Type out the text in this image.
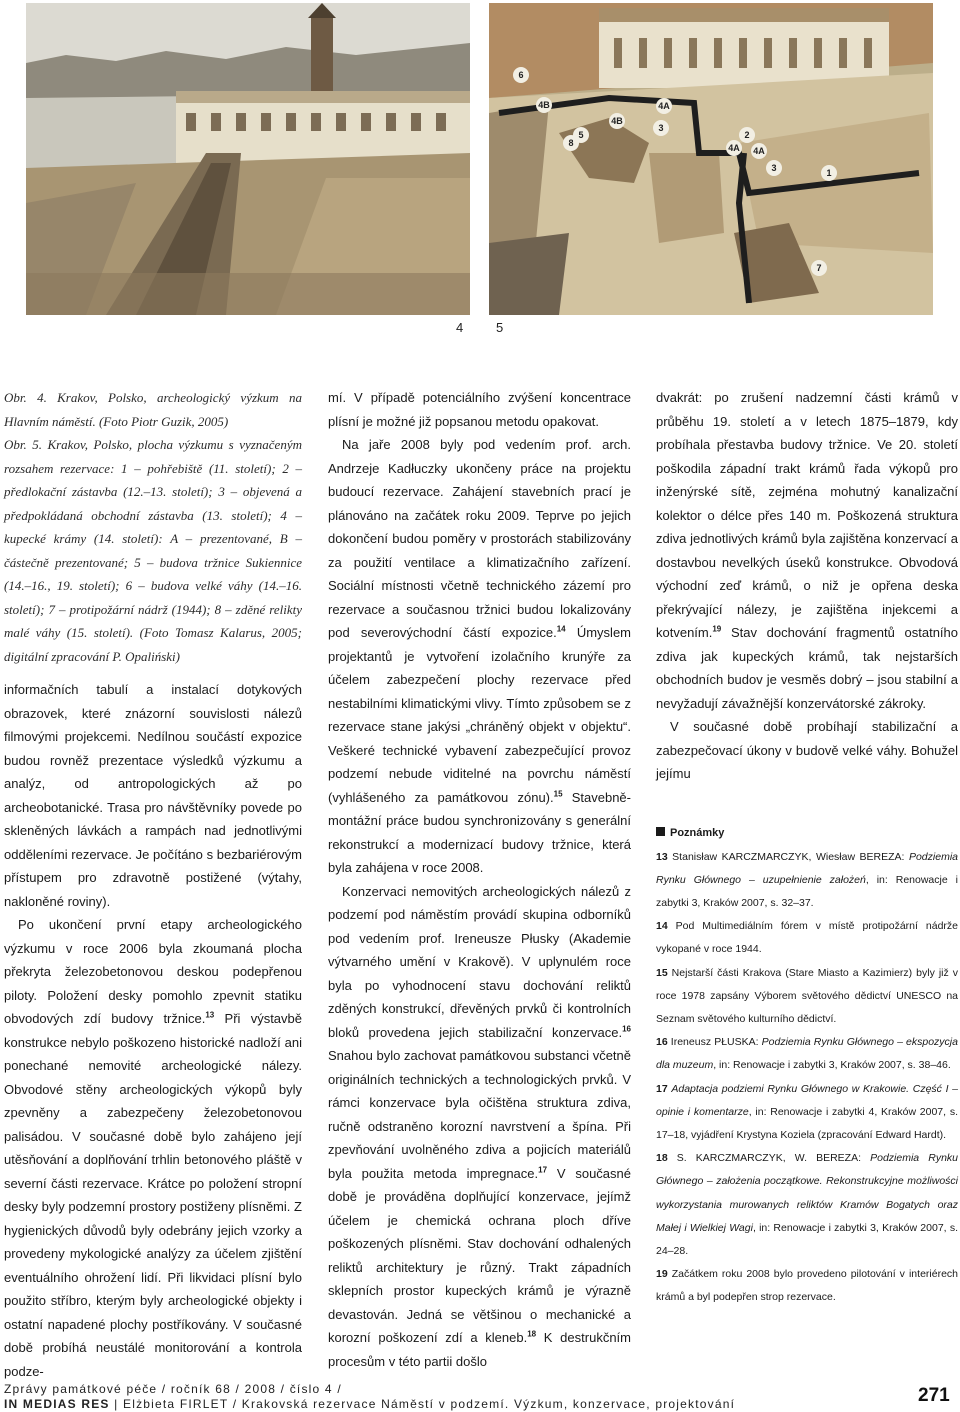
6
4B
5
4B
8
4A
3
4A
2
4A
7
3	1
4	5

Obr. 4. Krakov, Polsko, archeologický výzkum na Hlavním náměstí. (Foto Piotr Guzik, 2005)

Obr. 5. Krakov, Polsko, plocha výzkumu s vyznačeným rozsahem rezervace: 1 – pohřebiště (11. století); 2 – předlokační zástavba (12.–13. století); 3 – objevená a předpokládaná obchodní zástavba (13. století); 4 – kupecké krámy (14. století): A – prezentované, B – částečně prezentované; 5 – budova tržnice Sukiennice (14.–16., 19. století); 6 – budova velké váhy (14.–16. století); 7 – protipožární nádrž (1944); 8 – zděné relikty malé váhy (15. století). (Foto Tomasz Kalarus, 2005; digitální zpracování P. Opaliński)

informačních tabulí a instalací dotykových obrazovek, které znázorní souvislosti nálezů filmovými projekcemi. Nedílnou součástí expozice budou rovněž prezentace výsledků výzkumu a analýz, od antropologických až po archeobotanické. Trasa pro návštěvníky povede po skleněných lávkách a rampách nad jednotlivými odděleními rezervace. Je počítáno s bezbariérovým přístupem pro zdravotně postižené (výtahy, nakloněné roviny).

Po ukončení první etapy archeologického výzkumu v roce 2006 byla zkoumaná plocha překryta železobetonovou deskou podepřenou piloty. Položení desky pomohlo zpevnit statiku obvodových zdí budovy tržnice.$^{13}$ Při výstavbě konstrukce nebylo poškozeno historické nadloží ani ponechané nemovité archeologické nálezy. Obvodové stěny archeologických výkopů byly zpevněny a zabezpečeny železobetonovou palisádou. V současné době bylo zahájeno její utěsňování a doplňování trhlin betonového pláště v severní části rezervace. Krátce po položení stropní desky byly podzemní prostory postiženy plísněmi. Z hygienických důvodů byly odebrány jejich vzorky a provedeny mykologické analýzy za účelem zjištění eventuálního ohrožení lidí. Při likvidaci plísní bylo použito stříbro, kterým byly archeologické objekty i ostatní napadené plochy postříkovány. V současné době probíhá neustálé monitorování a kontrola podze-

mí. V případě potenciálního zvýšení koncentrace plísní je možné již popsanou metodu opakovat.

Na jaře 2008 byly pod vedením prof. arch. Andrzeje Kadłuczky ukončeny práce na projektu budoucí rezervace. Zahájení stavebních prací je plánováno na začátek roku 2009. Teprve po jejich dokončení budou poměry v prostorách stabilizovány za použití ventilace a klimatizačního zařízení. Sociální místnosti včetně technického zázemí pro rezervace a současnou tržnici budou lokalizovány pod severovýchodní částí expozice.$^{14}$ Úmyslem projektantů je vytvoření izolačního krunýře za účelem zabezpečení plochy rezervace před nestabilními klimatickými vlivy. Tímto způsobem se z rezervace stane jakýsi „chráněný objekt v objektu“. Veškeré technické vybavení zabezpečující provoz podzemí nebude viditelné na povrchu náměstí (vyhlášeného za památkovou zónu).$^{15}$ Stavebně-montážní práce budou synchronizovány s generální rekonstrukcí a modernizací budovy tržnice, která byla zahájena v roce 2008.

Konzervaci nemovitých archeologických nálezů z podzemí pod náměstím provádí skupina odborníků pod vedením prof. Ireneusze Płusky (Akademie výtvarného umění v Krakově). V uplynulém roce byla po vyhodnocení stavu dochování reliktů zděných konstrukcí, dřevěných prvků či kontrolních bloků provedena jejich stabilizační konzervace.$^{16}$ Snahou bylo zachovat památkovou substanci včetně originálních technických a technologických prvků. V rámci konzervace byla očištěna struktura zdiva, ručně odstraněno korozní navrstvení a špína. Při zpevňování uvolněného zdiva a pojicích materiálů byla použita metoda impregnace.$^{17}$ V současné době je prováděna doplňující konzervace, jejímž účelem je chemická ochrana ploch dříve poškozených plísněmi. Stav dochování odhalených reliktů architektury je různý. Trakt západních sklepních prostor kupeckých krámů je výrazně devastován. Jedná se většinou o mechanické a korozní poškození zdí a kleneb.$^{18}$ K destrukčním procesům v této partii došlo

dvakrát: po zrušení nadzemní části krámů v průběhu 19. století a v letech 1875–1879, kdy probíhala přestavba budovy tržnice. Ve 20. století poškodila západní trakt krámů řada výkopů pro inženýrské sítě, zejména mohutný kanalizační kolektor o délce přes 140 m. Poškozená struktura zdiva jednotlivých krámů byla zajištěna konzervací a dostavbou nevelkých úseků konstrukce. Obvodová východní zeď krámů, o niž je opřena deska překrývající nálezy, je zajištěna injekcemi a kotvením.$^{19}$ Stav dochování fragmentů ostatního zdiva jak kupeckých krámů, tak nejstarších obchodních budov je vesměs dobrý – jsou stabilní a nevyžadují závažnější konzervátorské zákroky.

V současné době probíhají stabilizační a zabezpečovací úkony v budově velké váhy. Bohužel jejímu

Poznámky

13 Stanisław KARCZMARCZYK, Wiesław BEREZA: Podziemia Rynku Głównego – uzupełnienie założeń, in: Renowacje i zabytki 3, Kraków 2007, s. 32–37.

14 Pod Multimediálním fórem v místě protipožární nádrže vykopané v roce 1944.

15 Nejstarší části Krakova (Stare Miasto a Kazimierz) byly již v roce 1978 zapsány Výborem světového dědictví UNESCO na Seznam světového kulturního dědictví.

16 Ireneusz PŁUSKA: Podziemia Rynku Głównego – ekspozycja dla muzeum, in: Renowacje i zabytki 3, Kraków 2007, s. 38–46.

17 Adaptacja podziemi Rynku Głównego w Krakowie. Część I – opinie i komentarze, in: Renowacje i zabytki 4, Kraków 2007, s. 17–18, vyjádření Krystyna Koziela (zpracování Edward Hardt).

18 S. KARCZMARCZYK, W. BEREZA: Podziemia Rynku Głównego – założenia początkowe. Rekonstrukcyjne możliwości wykorzystania murowanych reliktów Kramów Bogatych oraz Małej i Wielkiej Wagi, in: Renowacje i zabytki 3, Kraków 2007, s. 24–28.

19 Začátkem roku 2008 bylo provedeno pilotování v interiérech krámů a byl podepřen strop rezervace.

Zprávy památkové péče / ročník 68 / 2008 / číslo 4 /
IN MEDIAS RES | Elżbieta FIRLET / Krakovská rezervace Náměstí v podzemí. Výzkum, konzervace, projektování	271
